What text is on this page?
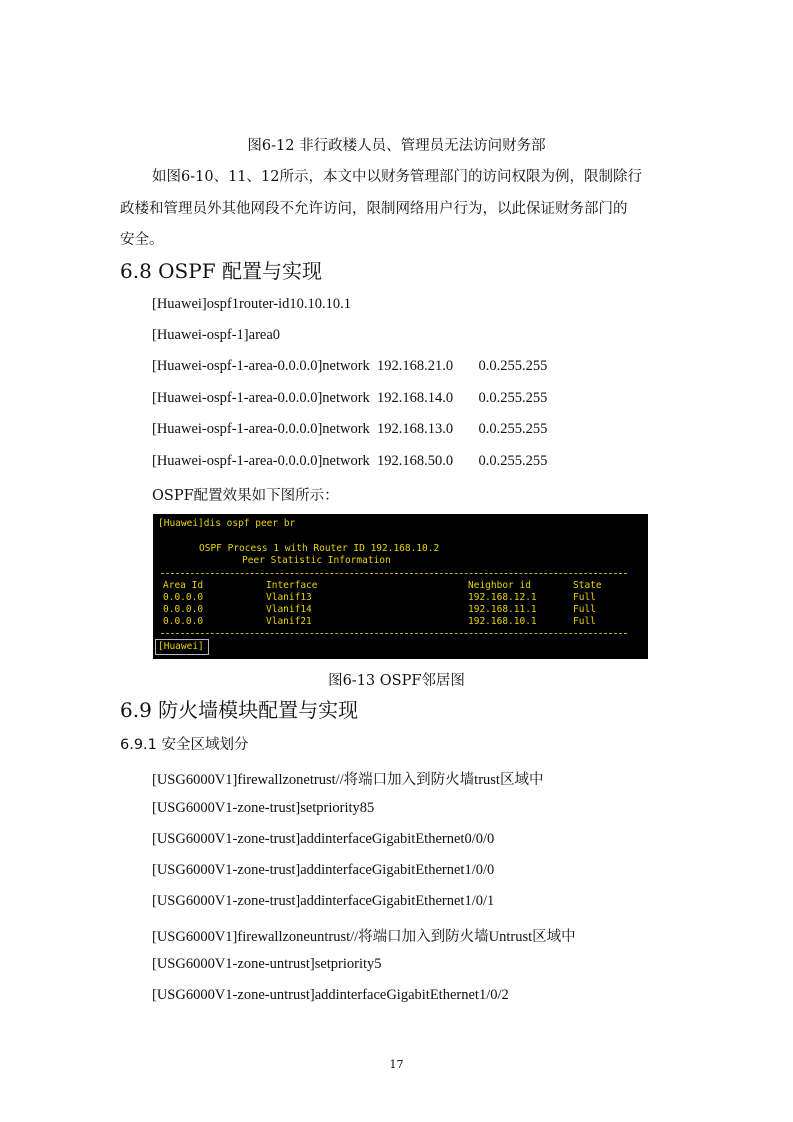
图6-12 非行政楼人员、管理员无法访问财务部
如图6-10、11、12所示，本文中以财务管理部门的访问权限为例，限制除行
政楼和管理员外其他网段不允许访问，限制网络用户行为，以此保证财务部门的
安全。
6.8 OSPF 配置与实现
[Huawei]ospf1router-id10.10.10.1
[Huawei-ospf-1]area0
[Huawei-ospf-1-area-0.0.0.0]network  192.168.21.0       0.0.255.255
[Huawei-ospf-1-area-0.0.0.0]network  192.168.14.0       0.0.255.255
[Huawei-ospf-1-area-0.0.0.0]network  192.168.13.0       0.0.255.255
[Huawei-ospf-1-area-0.0.0.0]network  192.168.50.0       0.0.255.255
OSPF配置效果如下图所示：
[Huawei]dis ospf peer br
OSPF Process 1 with Router ID 192.168.10.2
Peer Statistic Information
Area Id	Interface	Neighbor id	State
0.0.0.0	Vlanif13	192.168.12.1	Full
0.0.0.0	Vlanif14	192.168.11.1	Full
0.0.0.0	Vlanif21	192.168.10.1	Full
[Huawei]
图6-13 OSPF邻居图
6.9 防火墙模块配置与实现
6.9.1 安全区域划分
[USG6000V1]firewallzonetrust//将端口加入到防火墙trust区域中
[USG6000V1-zone-trust]setpriority85
[USG6000V1-zone-trust]addinterfaceGigabitEthernet0/0/0
[USG6000V1-zone-trust]addinterfaceGigabitEthernet1/0/0
[USG6000V1-zone-trust]addinterfaceGigabitEthernet1/0/1
[USG6000V1]firewallzoneuntrust//将端口加入到防火墙Untrust区域中
[USG6000V1-zone-untrust]setpriority5
[USG6000V1-zone-untrust]addinterfaceGigabitEthernet1/0/2
17
